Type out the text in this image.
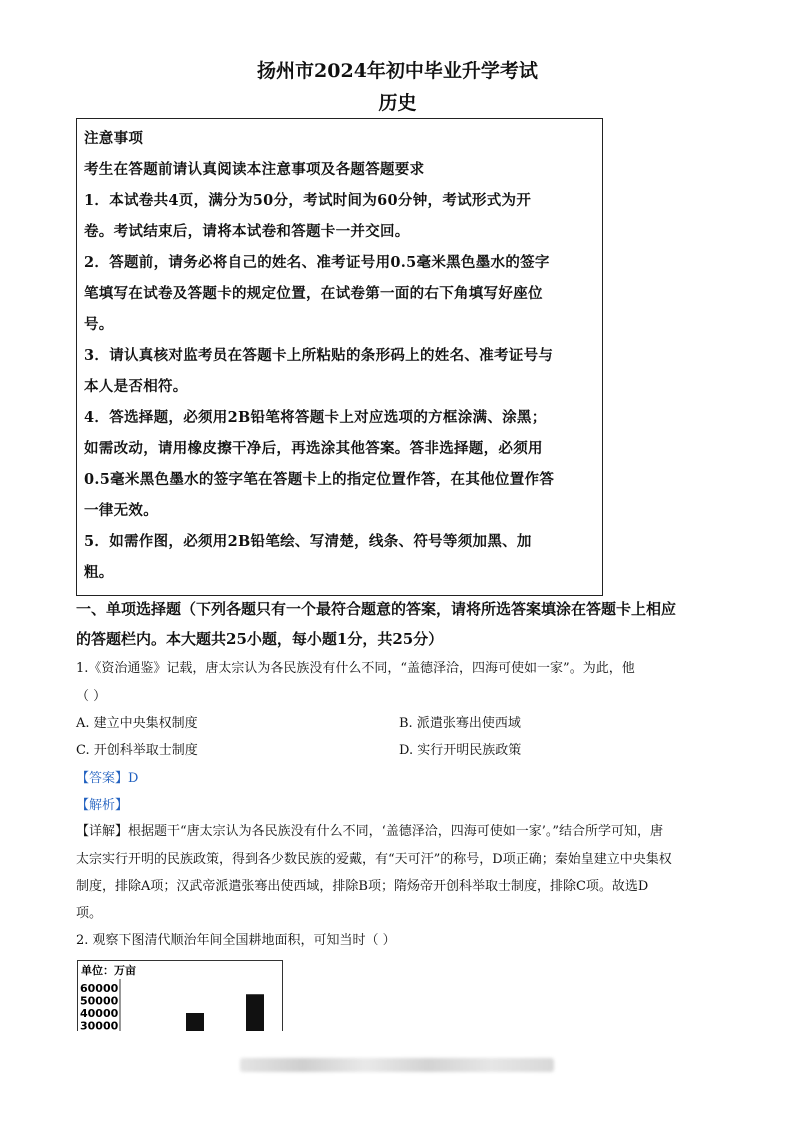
扬州市2024年初中毕业升学考试
历史
注意事项
考生在答题前请认真阅读本注意事项及各题答题要求
1．本试卷共4页，满分为50分，考试时间为60分钟，考试形式为开
卷。考试结束后，请将本试卷和答题卡一并交回。
2．答题前，请务必将自己的姓名、准考证号用0.5毫米黑色墨水的签字
笔填写在试卷及答题卡的规定位置，在试卷第一面的右下角填写好座位
号。
3．请认真核对监考员在答题卡上所粘贴的条形码上的姓名、准考证号与
本人是否相符。
4．答选择题，必须用2B铅笔将答题卡上对应选项的方框涂满、涂黑；
如需改动，请用橡皮擦干净后，再选涂其他答案。答非选择题，必须用
0.5毫米黑色墨水的签字笔在答题卡上的指定位置作答，在其他位置作答
一律无效。
5．如需作图，必须用2B铅笔绘、写清楚，线条、符号等须加黑、加
粗。
一、单项选择题（下列各题只有一个最符合题意的答案，请将所选答案填涂在答题卡上相应
的答题栏内。本大题共25小题，每小题1分，共25分）
1.《资治通鉴》记载，唐太宗认为各民族没有什么不同，“盖德泽洽，四海可使如一家”。为此，他
（ ）
A. 建立中央集权制度	B. 派遣张骞出使西域
C. 开创科举取士制度	D. 实行开明民族政策
【答案】D
【解析】
【详解】根据题干“唐太宗认为各民族没有什么不同，‘盖德泽洽，四海可使如一家’。”结合所学可知，唐
太宗实行开明的民族政策，得到各少数民族的爱戴，有“天可汗”的称号，D项正确；秦始皇建立中央集权
制度，排除A项；汉武帝派遣张骞出使西域，排除B项；隋炀帝开创科举取士制度，排除C项。故选D
项。
2. 观察下图清代顺治年间全国耕地面积，可知当时（ ）
单位：万亩
60000
50000
40000
30000
